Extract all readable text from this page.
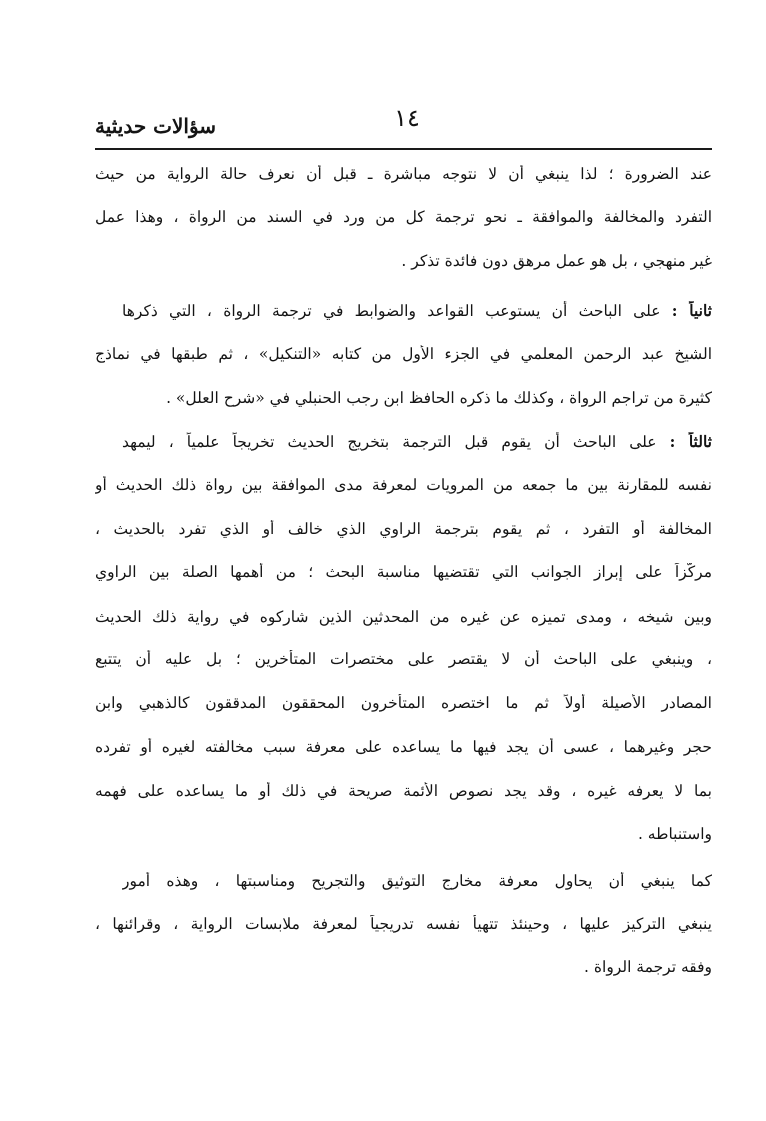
سؤالات حديثية	١٤
عند الضرورة ؛ لذا ينبغي أن لا نتوجه مباشرة ـ قبل أن نعرف حالة الرواية من حيث
التفرد والمخالفة والموافقة ـ نحو ترجمة كل من ورد في السند من الرواة ، وهذا عمل
غير منهجي ، بل هو عمل مرهق دون فائدة تذكر .
ثانياً : على الباحث أن يستوعب القواعد والضوابط في ترجمة الرواة ، التي ذكرها
الشيخ عبد الرحمن المعلمي في الجزء الأول من كتابه «التنكيل» ، ثم طبقها في نماذج
كثيرة من تراجم الرواة ، وكذلك ما ذكره الحافظ ابن رجب الحنبلي في «شرح العلل» .
ثالثاً : على الباحث أن يقوم قبل الترجمة بتخريج الحديث تخريجاً علمياً ، ليمهد
نفسه للمقارنة بين ما جمعه من المرويات لمعرفة مدى الموافقة بين رواة ذلك الحديث أو
المخالفة أو التفرد ، ثم يقوم بترجمة الراوي الذي خالف أو الذي تفرد بالحديث ،
مركّزاً على إبراز الجوانب التي تقتضيها مناسبة البحث ؛ من أهمها الصلة بين الراوي
وبين شيخه ، ومدى تميزه عن غيره من المحدثين الذين شاركوه في رواية ذلك الحديث
، وينبغي على الباحث أن لا يقتصر على مختصرات المتأخرين ؛ بل عليه أن يتتبع
المصادر الأصيلة أولاً ثم ما اختصره المتأخرون المحققون المدققون كالذهبي وابن
حجر وغيرهما ، عسى أن يجد فيها ما يساعده على معرفة سبب مخالفته لغيره أو تفرده
بما لا يعرفه غيره ، وقد يجد نصوص الأئمة صريحة في ذلك أو ما يساعده على فهمه
واستنباطه .
كما ينبغي أن يحاول معرفة مخارج التوثيق والتجريح ومناسبتها ، وهذه أمور
ينبغي التركيز عليها ، وحينئذ تتهيأ نفسه تدريجياً لمعرفة ملابسات الرواية ، وقرائنها ،
وفقه ترجمة الرواة .
